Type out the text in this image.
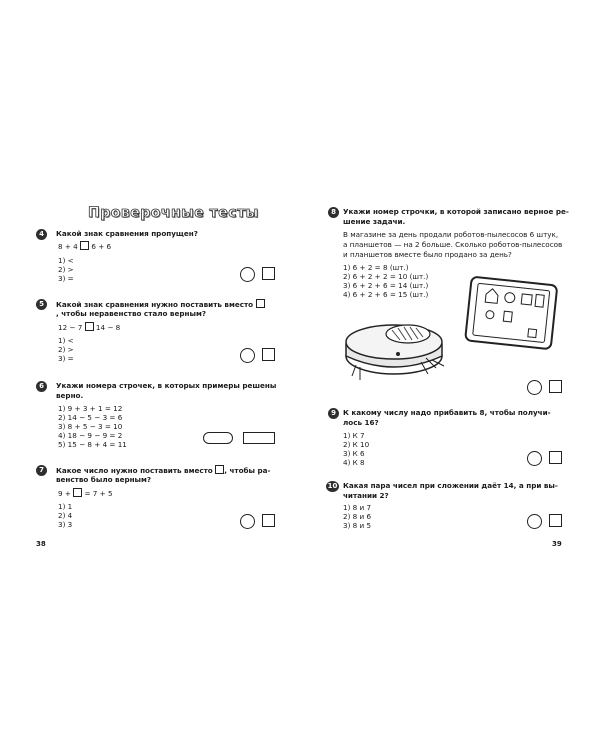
Проверочные тесты
4	Какой знак сравнения пропущен?
8 + 4 6 + 6
1) <
2) >
3) =
5	Какой знак сравнения нужно поставить вместо
, чтобы неравенство стало верным?
12 − 7 14 − 8
1) <
2) >
3) =
6	Укажи номера строчек, в которых примеры решены
верно.
1) 9 + 3 + 1 = 12
2) 14 − 5 − 3 = 6
3) 8 + 5 − 3 = 10
4) 18 − 9 − 9 = 2
5) 15 − 8 + 4 = 11
7	Какое число нужно поставить вместо , чтобы ра-
венство было верным?
9 + = 7 + 5
1) 1
2) 4
3) 3
38
8 Укажи номер строчки, в которой записано верное ре-
шение задачи.
В магазине за день продали роботов-пылесосов 6 штук,
а планшетов — на 2 больше. Сколько роботов-пылесосов
и планшетов вместе было продано за день?
1) 6 + 2 = 8 (шт.)
2) 6 + 2 + 2 = 10 (шт.)
3) 6 + 2 + 6 = 14 (шт.)
4) 6 + 2 + 6 = 15 (шт.)
9 К какому числу надо прибавить 8, чтобы получи-
лось 16?
1) К 7
2) К 10
3) К 6
4) К 8
10 Какая пара чисел при сложении даёт 14, а при вы-
читании 2?
1) 8 и 7
2) 8 и 6
3) 8 и 5
39
